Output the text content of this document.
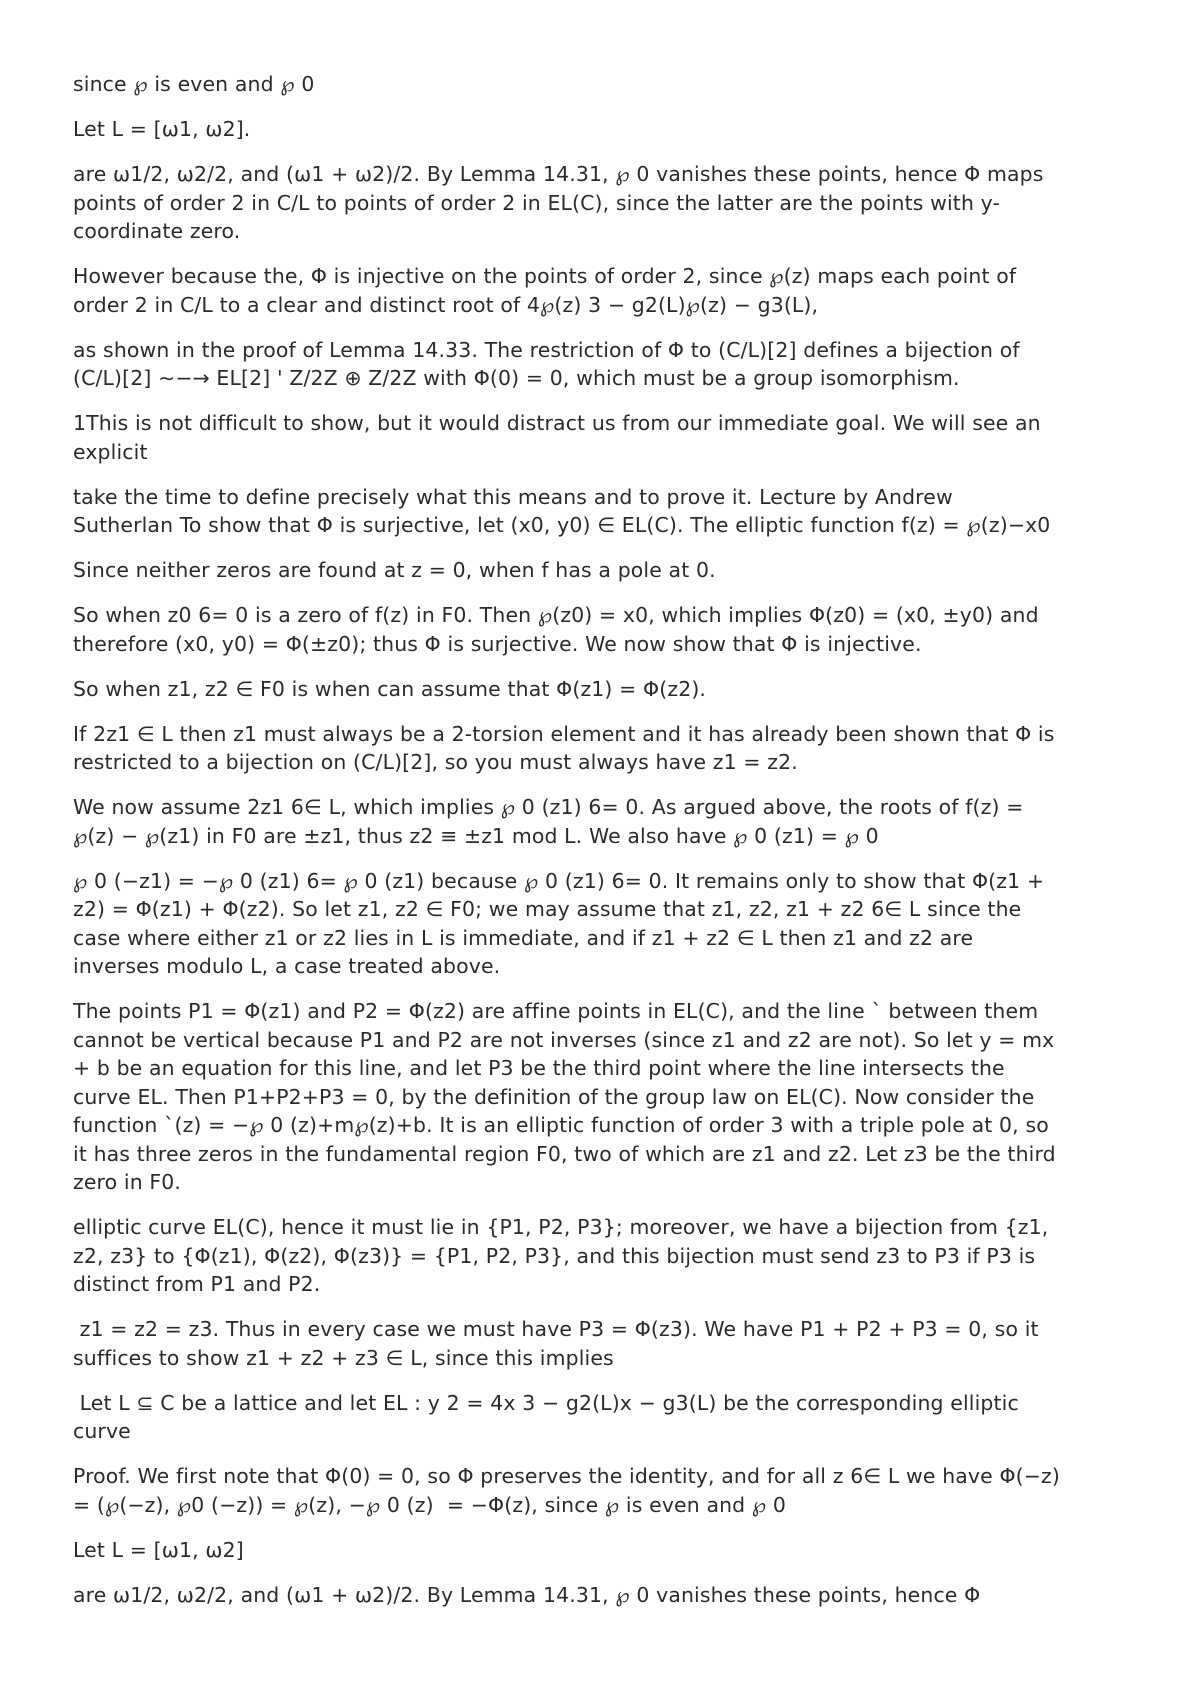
since ℘ is even and ℘ 0

Let L = [ω1, ω2].

are ω1/2, ω2/2, and (ω1 + ω2)/2. By Lemma 14.31, ℘ 0 vanishes these points, hence Φ maps
points of order 2 in C/L to points of order 2 in EL(C), since the latter are the points with y-
coordinate zero.

However because the, Φ is injective on the points of order 2, since ℘(z) maps each point of
order 2 in C/L to a clear and distinct root of 4℘(z) 3 − g2(L)℘(z) − g3(L),

as shown in the proof of Lemma 14.33. The restriction of Φ to (C/L)[2] defines a bijection of
(C/L)[2] ∼−→ EL[2] ' Z/2Z ⊕ Z/2Z with Φ(0) = 0, which must be a group isomorphism.

1This is not difficult to show, but it would distract us from our immediate goal. We will see an
explicit

take the time to define precisely what this means and to prove it. Lecture by Andrew
Sutherlan To show that Φ is surjective, let (x0, y0) ∈ EL(C). The elliptic function f(z) = ℘(z)−x0

Since neither zeros are found at z = 0, when f has a pole at 0.

So when z0 6= 0 is a zero of f(z) in F0. Then ℘(z0) = x0, which implies Φ(z0) = (x0, ±y0) and
therefore (x0, y0) = Φ(±z0); thus Φ is surjective. We now show that Φ is injective.

So when z1, z2 ∈ F0 is when can assume that Φ(z1) = Φ(z2).

If 2z1 ∈ L then z1 must always be a 2-torsion element and it has already been shown that Φ is
restricted to a bijection on (C/L)[2], so you must always have z1 = z2.

We now assume 2z1 6∈ L, which implies ℘ 0 (z1) 6= 0. As argued above, the roots of f(z) =
℘(z) − ℘(z1) in F0 are ±z1, thus z2 ≡ ±z1 mod L. We also have ℘ 0 (z1) = ℘ 0

℘ 0 (−z1) = −℘ 0 (z1) 6= ℘ 0 (z1) because ℘ 0 (z1) 6= 0. It remains only to show that Φ(z1 +
z2) = Φ(z1) + Φ(z2). So let z1, z2 ∈ F0; we may assume that z1, z2, z1 + z2 6∈ L since the
case where either z1 or z2 lies in L is immediate, and if z1 + z2 ∈ L then z1 and z2 are
inverses modulo L, a case treated above.

The points P1 = Φ(z1) and P2 = Φ(z2) are affine points in EL(C), and the line ` between them
cannot be vertical because P1 and P2 are not inverses (since z1 and z2 are not). So let y = mx
+ b be an equation for this line, and let P3 be the third point where the line intersects the
curve EL. Then P1+P2+P3 = 0, by the definition of the group law on EL(C). Now consider the
function `(z) = −℘ 0 (z)+m℘(z)+b. It is an elliptic function of order 3 with a triple pole at 0, so
it has three zeros in the fundamental region F0, two of which are z1 and z2. Let z3 be the third
zero in F0.

elliptic curve EL(C), hence it must lie in {P1, P2, P3}; moreover, we have a bijection from {z1,
z2, z3} to {Φ(z1), Φ(z2), Φ(z3)} = {P1, P2, P3}, and this bijection must send z3 to P3 if P3 is
distinct from P1 and P2.

z1 = z2 = z3. Thus in every case we must have P3 = Φ(z3). We have P1 + P2 + P3 = 0, so it
suffices to show z1 + z2 + z3 ∈ L, since this implies

Let L ⊆ C be a lattice and let EL : y 2 = 4x 3 − g2(L)x − g3(L) be the corresponding elliptic
curve

Proof. We first note that Φ(0) = 0, so Φ preserves the identity, and for all z 6∈ L we have Φ(−z)
= (℘(−z), ℘0 (−z)) = ℘(z), −℘ 0 (z)  = −Φ(z), since ℘ is even and ℘ 0

Let L = [ω1, ω2]

are ω1/2, ω2/2, and (ω1 + ω2)/2. By Lemma 14.31, ℘ 0 vanishes these points, hence Φ
